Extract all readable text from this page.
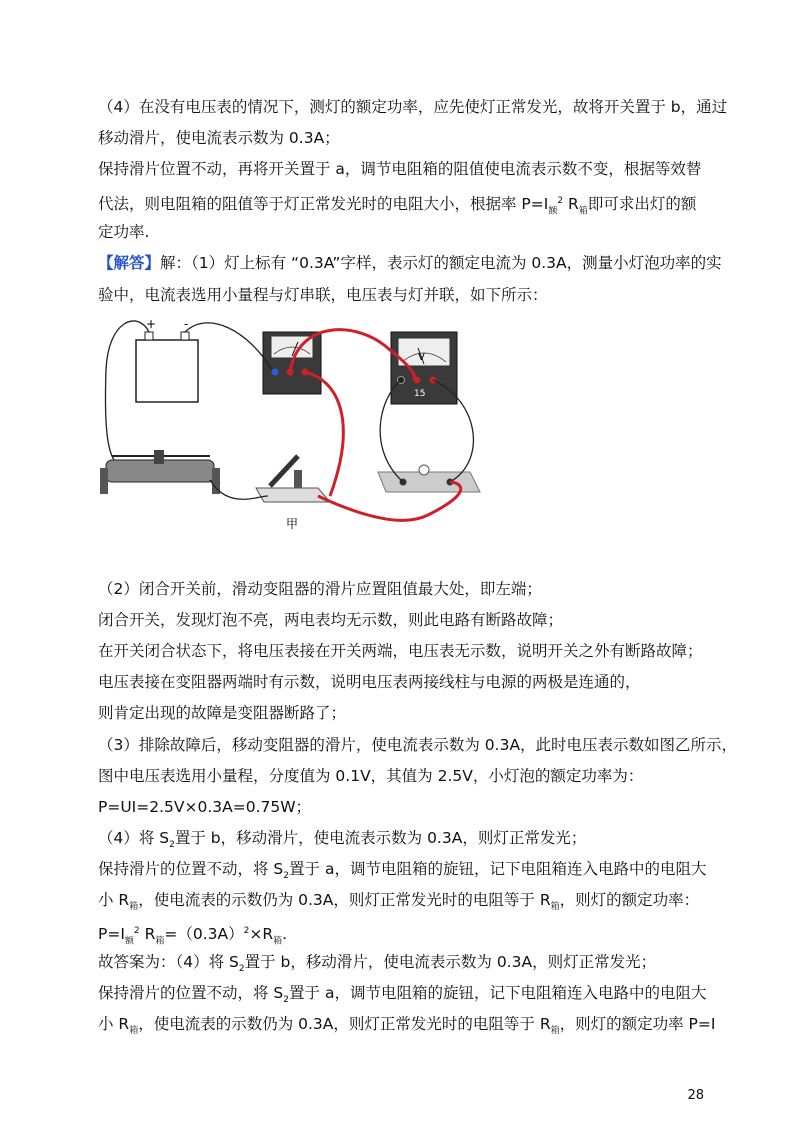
（4）在没有电压表的情况下，测灯的额定功率，应先使灯正常发光，故将开关置于 b，通过
移动滑片，使电流表示数为 0.3A；
保持滑片位置不动，再将开关置于 a，调节电阻箱的阻值使电流表示数不变，根据等效替
代法，则电阻箱的阻值等于灯正常发光时的电阻大小，根据率 $P=I_额^2$ $R_箱$即可求出灯的额
定功率.
【解答】解：（1）灯上标有 “0.3A”字样，表示灯的额定电流为 0.3A，测量小灯泡功率的实
验中，电流表选用小量程与灯串联，电压表与灯并联，如下所示：
+ -
V
15
甲
（2）闭合开关前，滑动变阻器的滑片应置阻值最大处，即左端；
闭合开关，发现灯泡不亮，两电表均无示数，则此电路有断路故障；
在开关闭合状态下，将电压表接在开关两端，电压表无示数，说明开关之外有断路故障；
电压表接在变阻器两端时有示数，说明电压表两接线柱与电源的两极是连通的，
则肯定出现的故障是变阻器断路了；
（3）排除故障后，移动变阻器的滑片，使电流表示数为 0.3A，此时电压表示数如图乙所示，
图中电压表选用小量程，分度值为 0.1V，其值为 2.5V，小灯泡的额定功率为：
P=UI=2.5V×0.3A=0.75W；
（4）将 $S_2$置于 b，移动滑片，使电流表示数为 0.3A，则灯正常发光；
保持滑片的位置不动，将 $S_2$置于 a，调节电阻箱的旋钮，记下电阻箱连入电路中的电阻大
小 $R_箱$，使电流表的示数仍为 0.3A，则灯正常发光时的电阻等于 $R_箱$，则灯的额定功率：
$P=I_额^2$ $R_箱=(0.3A)^2\times R_箱$.
故答案为：（4）将 $S_2$置于 b，移动滑片，使电流表示数为 0.3A，则灯正常发光；
保持滑片的位置不动，将 $S_2$置于 a，调节电阻箱的旋钮，记下电阻箱连入电路中的电阻大
小 $R_箱$，使电流表的示数仍为 0.3A，则灯正常发光时的电阻等于 $R_箱$，则灯的额定功率 P=I
28
